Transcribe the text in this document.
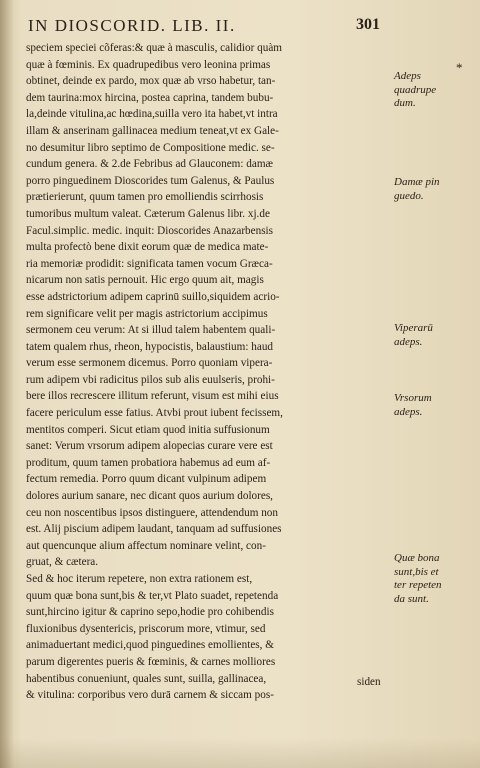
IN DIOSCORID. LIB. II.	301
*
speciem speciei cõferas:& quæ à masculis, calidior quàm
quæ à fœminis. Ex quadrupedibus vero leonina primas
obtinet, deinde ex pardo, mox quæ ab vrso habetur, tan-
dem taurina:mox hircina, postea caprina, tandem bubu-
la,deinde vitulina,ac hœdina,suilla vero ita habet,vt intra
illam & anserinam gallinacea medium teneat,vt ex Gale-
no desumitur libro septimo de Compositione medic. se-
cundum genera. & 2.de Febribus ad Glauconem: damæ
porro pinguedinem Dioscorides tum Galenus, & Paulus
prætierierunt, quum tamen pro emolliendis scirrhosis
tumoribus multum valeat. Cæterum Galenus libr. xj.de
Facul.simplic. medic. inquit: Dioscorides Anazarbensis
multa profectò bene dixit eorum quæ de medica mate-
ria memoriæ prodidit: significata tamen vocum Græca-
nicarum non satis pernouit. Hic ergo quum ait, magis
esse adstrictorium adipem caprinū suillo,siquidem acrio-
rem significare velit per magis astrictorium accipimus
sermonem ceu verum: At si illud talem habentem quali-
tatem qualem rhus, rheon, hypocistis, balaustium: haud
verum esse sermonem dicemus. Porro quoniam vipera-
rum adipem vbi radicitus pilos sub alis euulseris, prohi-
bere illos recrescere illitum referunt, visum est mihi eius
facere periculum esse fatius. Atvbi prout iubent fecissem,
mentitos comperi. Sicut etiam quod initia suffusionum
sanet: Verum vrsorum adipem alopecias curare vere est
proditum, quum tamen probatiora habemus ad eum af-
fectum remedia. Porro quum dicant vulpinum adipem
dolores aurium sanare, nec dicant quos aurium dolores,
ceu non noscentibus ipsos distinguere, attendendum non
est. Alij piscium adipem laudant, tanquam ad suffusiones
aut quencunque alium affectum nominare velint, con-
gruat, & cætera.
Sed & hoc iterum repetere, non extra rationem est,
quum quæ bona sunt,bis & ter,vt Plato suadet, repetenda
sunt,hircino igitur & caprino sepo,hodie pro cohibendis
fluxionibus dysentericis, priscorum more, vtimur, sed
animaduertant medici,quod pinguedines emollientes, &
parum digerentes pueris & fœminis, & carnes molliores
habentibus conueniunt, quales sunt, suilla, gallinacea,
& vitulina: corporibus vero durā carnem & siccam pos-
siden
Adeps
quadrupe
dum.
Damæ pin
guedo.
Viperarū
adeps.
Vrsorum
adeps.
Quæ bona
sunt,bis et
ter repeten
da sunt.
